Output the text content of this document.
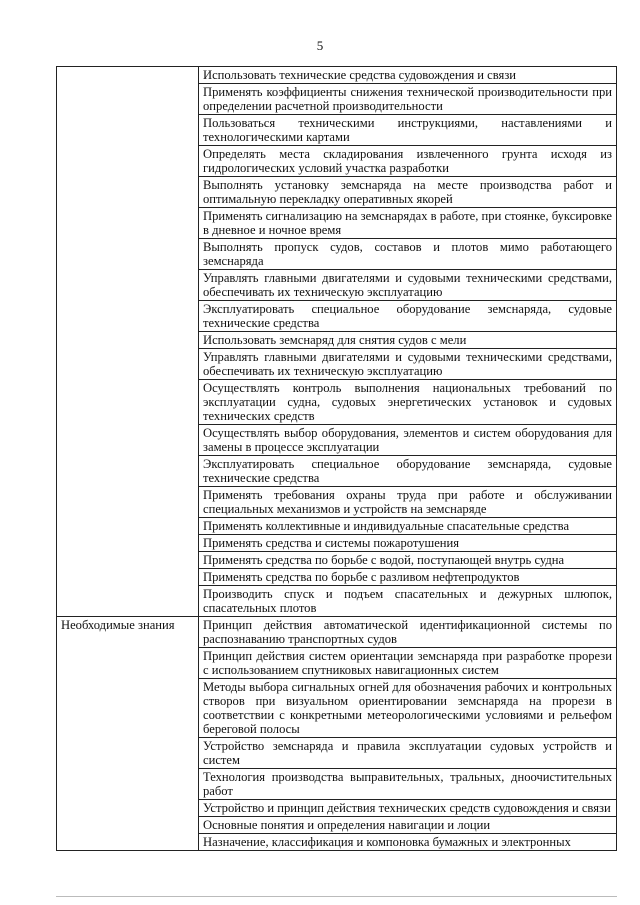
5
	Использовать технические средства судовождения и связи
	Применять коэффициенты снижения технической производительности при определении расчетной производительности
	Пользоваться техническими инструкциями, наставлениями и технологическими картами
	Определять места складирования извлеченного грунта исходя из гидрологических условий участка разработки
	Выполнять установку земснаряда на месте производства работ и оптимальную перекладку оперативных якорей
	Применять сигнализацию на земснарядах в работе, при стоянке, буксировке в дневное и ночное время
	Выполнять пропуск судов, составов и плотов мимо работающего земснаряда
	Управлять главными двигателями и судовыми техническими средствами, обеспечивать их техническую эксплуатацию
	Эксплуатировать специальное оборудование земснаряда, судовые технические средства
	Использовать земснаряд для снятия судов с мели
	Управлять главными двигателями и судовыми техническими средствами, обеспечивать их техническую эксплуатацию
	Осуществлять контроль выполнения национальных требований по эксплуатации судна, судовых энергетических установок и судовых технических средств
	Осуществлять выбор оборудования, элементов и систем оборудования для замены в процессе эксплуатации
	Эксплуатировать специальное оборудование земснаряда, судовые технические средства
	Применять требования охраны труда при работе и обслуживании специальных механизмов и устройств на земснаряде
	Применять коллективные и индивидуальные спасательные средства
	Применять средства и системы пожаротушения
	Применять средства по борьбе с водой, поступающей внутрь судна
	Применять средства по борьбе с разливом нефтепродуктов
	Производить спуск и подъем спасательных и дежурных шлюпок, спасательных плотов
Необходимые знания	Принцип действия автоматической идентификационной системы по распознаванию транспортных судов
	Принцип действия систем ориентации земснаряда при разработке прорези с использованием спутниковых навигационных систем
	Методы выбора сигнальных огней для обозначения рабочих и контрольных створов при визуальном ориентировании земснаряда на прорези в соответствии с конкретными метеорологическими условиями и рельефом береговой полосы
	Устройство земснаряда и правила эксплуатации судовых устройств и систем
	Технология производства выправительных, тральных, дноочистительных работ
	Устройство и принцип действия технических средств судовождения и связи
	Основные понятия и определения навигации и лоции
	Назначение, классификация и компоновка бумажных и электронных
